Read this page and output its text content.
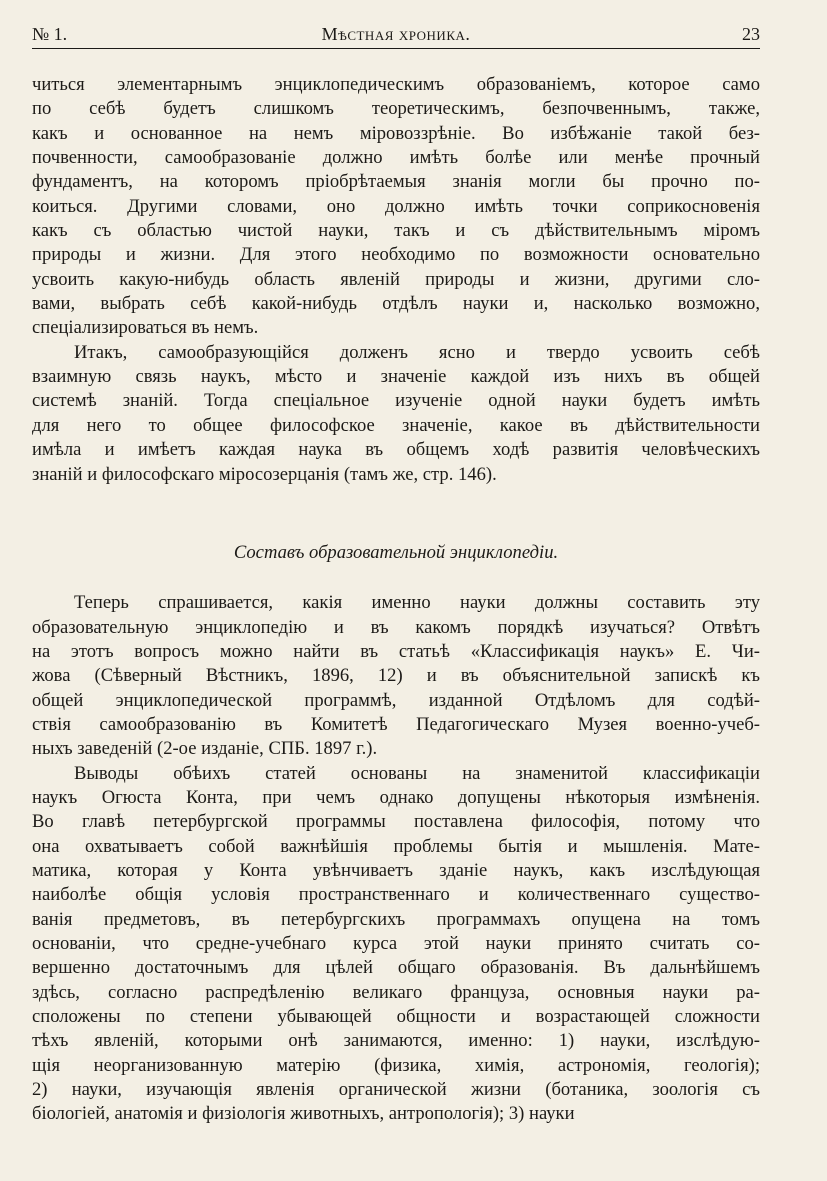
№ 1.	Мѣстная хроника.	23
читься элементарнымъ энциклопедическимъ образованіемъ, которое само
по себѣ будетъ слишкомъ теоретическимъ, безпочвеннымъ, также,
какъ и основанное на немъ міровоззрѣніе. Во избѣжаніе такой без-
почвенности, самообразованіе должно имѣть болѣе или менѣе прочный
фундаментъ, на которомъ пріобрѣтаемыя знанія могли бы прочно по-
коиться. Другими словами, оно должно имѣть точки соприкосновенія
какъ съ областью чистой науки, такъ и съ дѣйствительнымъ міромъ
природы и жизни. Для этого необходимо по возможности основательно
усвоить какую-нибудь область явленій природы и жизни, другими сло-
вами, выбрать себѣ какой-нибудь отдѣлъ науки и, насколько возможно,
спеціализироваться въ немъ.
Итакъ, самообразующійся долженъ ясно и твердо усвоить себѣ
взаимную связь наукъ, мѣсто и значеніе каждой изъ нихъ въ общей
системѣ знаній. Тогда спеціальное изученіе одной науки будетъ имѣть
для него то общее философское значеніе, какое въ дѣйствительности
имѣла и имѣетъ каждая наука въ общемъ ходѣ развитія человѣческихъ
знаній и философскаго міросозерцанія (тамъ же, стр. 146).
Составъ образовательной энциклопедіи.
Теперь спрашивается, какія именно науки должны составить эту
образовательную энциклопедію и въ какомъ порядкѣ изучаться? Отвѣтъ
на этотъ вопросъ можно найти въ статьѣ «Классификація наукъ» Е. Чи-
жова (Сѣверный Вѣстникъ, 1896, 12) и въ объяснительной запискѣ къ
общей энциклопедической программѣ, изданной Отдѣломъ для содѣй-
ствія самообразованію въ Комитетѣ Педагогическаго Музея военно-учеб-
ныхъ заведеній (2-ое изданіе, СПБ. 1897 г.).
Выводы обѣихъ статей основаны на знаменитой классификаціи
наукъ Огюста Конта, при чемъ однако допущены нѣкоторыя измѣненія.
Во главѣ петербургской программы поставлена философія, потому что
она охватываетъ собой важнѣйшія проблемы бытія и мышленія. Мате-
матика, которая у Конта увѣнчиваетъ зданіе наукъ, какъ изслѣдующая
наиболѣе общія условія пространственнаго и количественнаго существо-
ванія предметовъ, въ петербургскихъ программахъ опущена на томъ
основаніи, что средне-учебнаго курса этой науки принято считать со-
вершенно достаточнымъ для цѣлей общаго образованія. Въ дальнѣйшемъ
здѣсь, согласно распредѣленію великаго француза, основныя науки ра-
сположены по степени убывающей общности и возрастающей сложности
тѣхъ явленій, которыми онѣ занимаются, именно: 1) науки, изслѣдую-
щія неорганизованную матерію (физика, химія, астрономія, геологія);
2) науки, изучающія явленія органической жизни (ботаника, зоологія съ
біологіей, анатомія и физіологія животныхъ, антропологія); 3) науки
